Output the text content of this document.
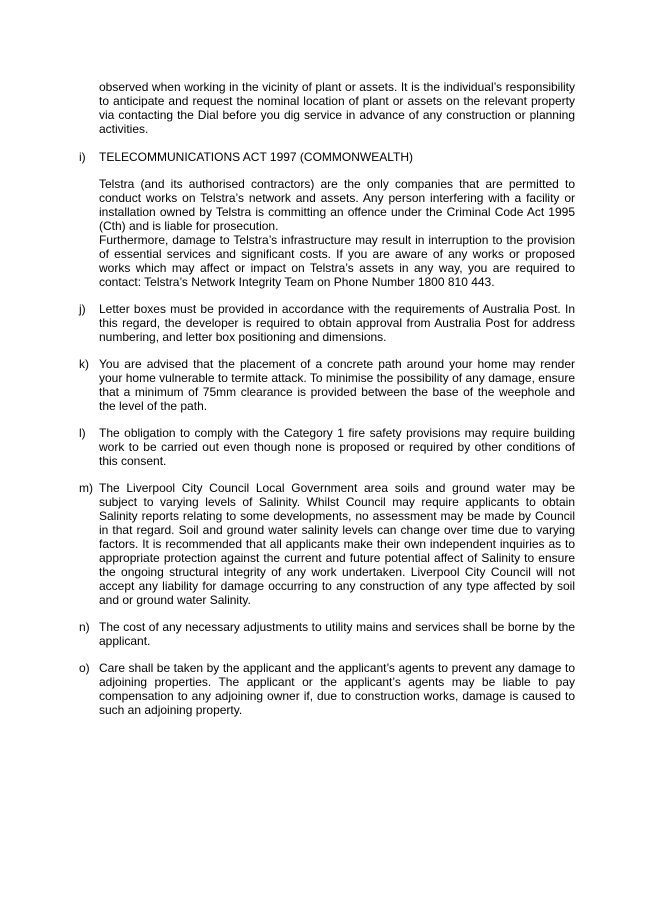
observed when working in the vicinity of plant or assets. It is the individual’s responsibility to anticipate and request the nominal location of plant or assets on the relevant property via contacting the Dial before you dig service in advance of any construction or planning activities.
i) TELECOMMUNICATIONS ACT 1997 (COMMONWEALTH)
Telstra (and its authorised contractors) are the only companies that are permitted to conduct works on Telstra’s network and assets. Any person interfering with a facility or installation owned by Telstra is committing an offence under the Criminal Code Act 1995 (Cth) and is liable for prosecution.
Furthermore, damage to Telstra’s infrastructure may result in interruption to the provision of essential services and significant costs. If you are aware of any works or proposed works which may affect or impact on Telstra’s assets in any way, you are required to contact: Telstra’s Network Integrity Team on Phone Number 1800 810 443.
j) Letter boxes must be provided in accordance with the requirements of Australia Post. In this regard, the developer is required to obtain approval from Australia Post for address numbering, and letter box positioning and dimensions.
k) You are advised that the placement of a concrete path around your home may render your home vulnerable to termite attack. To minimise the possibility of any damage, ensure that a minimum of 75mm clearance is provided between the base of the weephole and the level of the path.
l) The obligation to comply with the Category 1 fire safety provisions may require building work to be carried out even though none is proposed or required by other conditions of this consent.
m) The Liverpool City Council Local Government area soils and ground water may be subject to varying levels of Salinity. Whilst Council may require applicants to obtain Salinity reports relating to some developments, no assessment may be made by Council in that regard. Soil and ground water salinity levels can change over time due to varying factors. It is recommended that all applicants make their own independent inquiries as to appropriate protection against the current and future potential affect of Salinity to ensure the ongoing structural integrity of any work undertaken. Liverpool City Council will not accept any liability for damage occurring to any construction of any type affected by soil and or ground water Salinity.
n) The cost of any necessary adjustments to utility mains and services shall be borne by the applicant.
o) Care shall be taken by the applicant and the applicant’s agents to prevent any damage to adjoining properties. The applicant or the applicant’s agents may be liable to pay compensation to any adjoining owner if, due to construction works, damage is caused to such an adjoining property.
